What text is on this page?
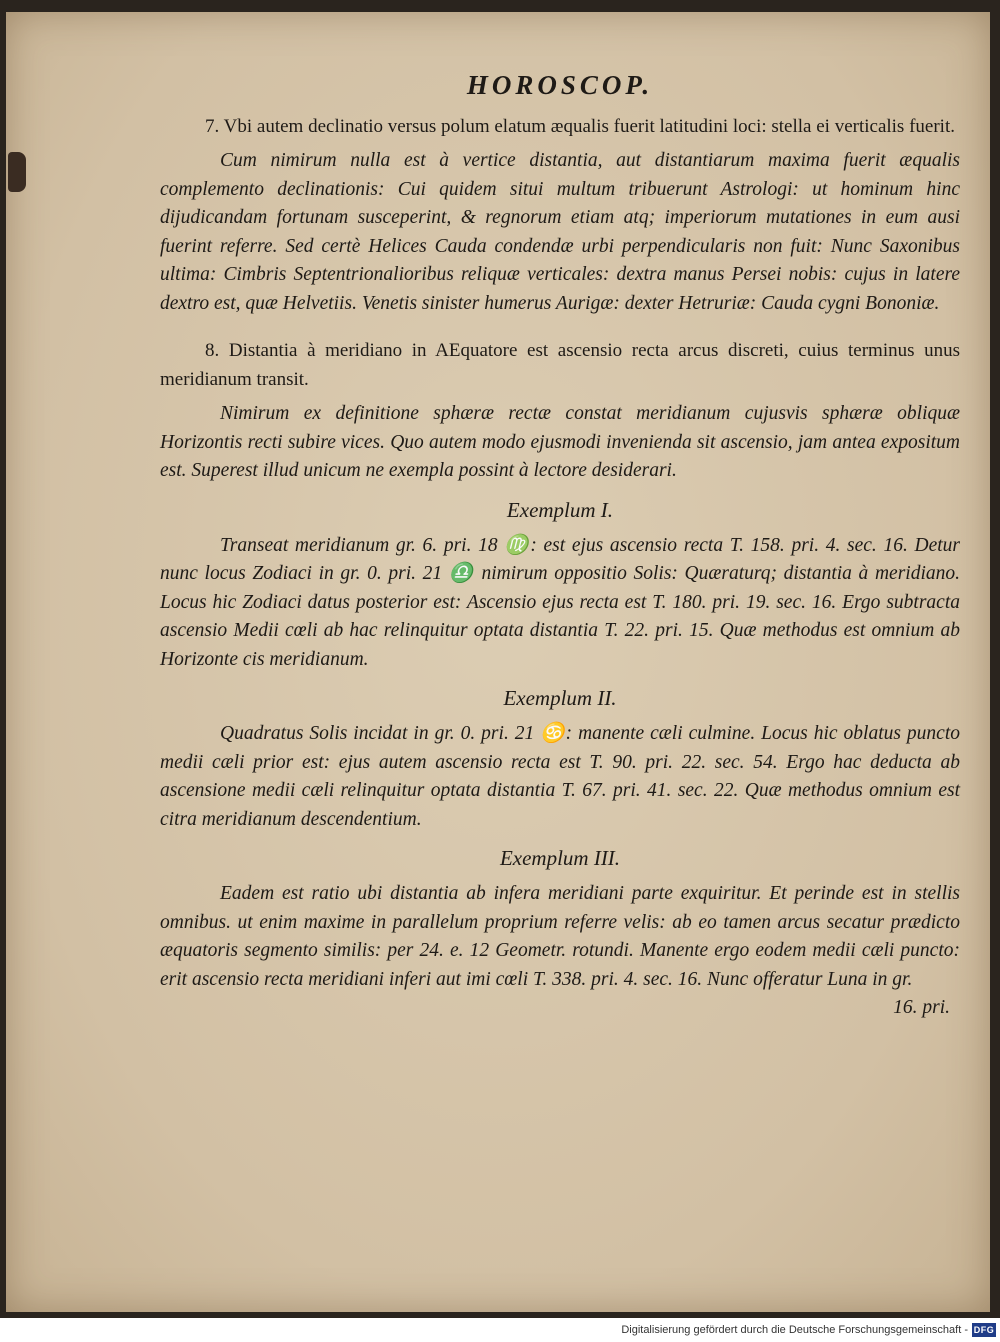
HOROSCOP.

7. Vbi autem declinatio versus polum elatum æqualis fuerit latitudini loci: stella ei verticalis fuerit.

Cum nimirum nulla est à vertice distantia, aut distantiarum maxima fuerit æqualis complemento declinationis: Cui quidem situi multum tribuerunt Astrologi: ut hominum hinc dijudicandam fortunam susceperint, & regnorum etiam atq; imperiorum mutationes in eum ausi fuerint referre. Sed certè Helices Cauda condendæ urbi perpendicularis non fuit: Nunc Saxonibus ultima: Cimbris Septentrionalioribus reliquæ verticales: dextra manus Persei nobis: cujus in latere dextro est, quæ Helvetiis. Venetis sinister humerus Aurigæ: dexter Hetruriæ: Cauda cygni Bononiæ.

8. Distantia à meridiano in AEquatore est ascensio recta arcus discreti, cuius terminus unus meridianum transit.

Nimirum ex definitione sphæræ rectæ constat meridianum cujusvis sphæræ obliquæ Horizontis recti subire vices. Quo autem modo ejusmodi invenienda sit ascensio, jam antea expositum est. Superest illud unicum ne exempla possint à lectore desiderari.

Exemplum I.

Transeat meridianum gr. 6. pri. 18 ♍: est ejus ascensio recta T. 158. pri. 4. sec. 16. Detur nunc locus Zodiaci in gr. 0. pri. 21 ♎ nimirum oppositio Solis: Quæraturq; distantia à meridiano. Locus hic Zodiaci datus posterior est: Ascensio ejus recta est T. 180. pri. 19. sec. 16. Ergo subtracta ascensio Medii cœli ab hac relinquitur optata distantia T. 22. pri. 15. Quæ methodus est omnium ab Horizonte cis meridianum.

Exemplum II.

Quadratus Solis incidat in gr. 0. pri. 21 ♋: manente cæli culmine. Locus hic oblatus puncto medii cæli prior est: ejus autem ascensio recta est T. 90. pri. 22. sec. 54. Ergo hac deducta ab ascensione medii cæli relinquitur optata distantia T. 67. pri. 41. sec. 22. Quæ methodus omnium est citra meridianum descendentium.

Exemplum III.

Eadem est ratio ubi distantia ab infera meridiani parte exquiritur. Et perinde est in stellis omnibus. ut enim maxime in parallelum proprium referre velis: ab eo tamen arcus secatur prædicto æquatoris segmento similis: per 24. e. 12 Geometr. rotundi. Manente ergo eodem medii cæli puncto: erit ascensio recta meridiani inferi aut imi cœli T. 338. pri. 4. sec. 16. Nunc offeratur Luna in gr.

16. pri.
Digitalisierung gefördert durch die Deutsche Forschungsgemeinschaft - DFG
